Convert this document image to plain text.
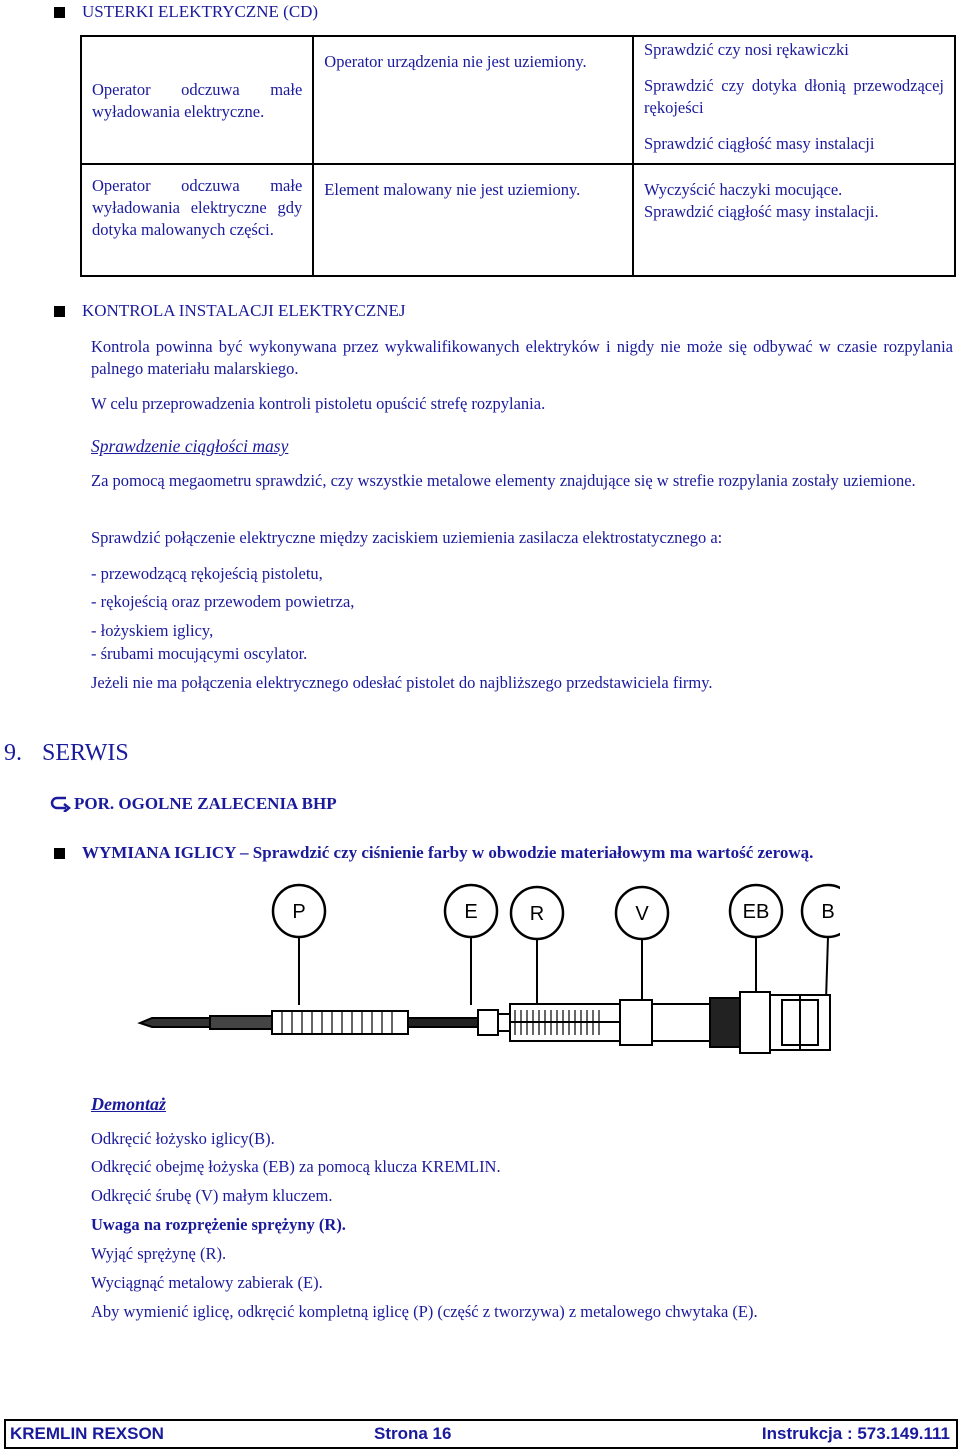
USTERKI ELEKTRYCZNE (CD)
Operator odczuwa małe wyładowania elektryczne.	Operator urządzenia nie jest uziemiony.	Sprawdzić czy nosi rękawiczki
Sprawdzić czy dotyka dłonią przewodzącej rękojeści
Sprawdzić ciągłość masy instalacji

Operator odczuwa małe wyładowania elektryczne gdy dotyka malowanych części.	Element malowany nie jest uziemiony.	Wyczyścić haczyki mocujące.
Sprawdzić ciągłość masy instalacji.
KONTROLA INSTALACJI ELEKTRYCZNEJ
Kontrola powinna być wykonywana przez wykwalifikowanych elektryków i nigdy nie może się odbywać w czasie rozpylania palnego materiału malarskiego.
W celu przeprowadzenia kontroli pistoletu opuścić strefę rozpylania.
Sprawdzenie ciągłości masy
Za pomocą megaometru sprawdzić, czy wszystkie metalowe elementy znajdujące się w strefie rozpylania zostały uziemione.
Sprawdzić połączenie elektryczne między zaciskiem uziemienia zasilacza elektrostatycznego a:
- przewodzącą rękojeścią pistoletu,
- rękojeścią oraz przewodem powietrza,
- łożyskiem iglicy,
- śrubami mocującymi oscylator.
Jeżeli nie ma połączenia elektrycznego odesłać pistolet do najbliższego przedstawiciela firmy.
9. SERWIS
POR. OGOLNE ZALECENIA BHP
WYMIANA IGLICY – Sprawdzić czy ciśnienie farby w obwodzie materiałowym ma wartość zerową.
P	E	R	V	EB	B
Demontaż
Odkręcić łożysko iglicy(B).
Odkręcić obejmę łożyska (EB) za pomocą klucza KREMLIN.
Odkręcić śrubę (V) małym kluczem.
Uwaga na rozprężenie sprężyny (R).
Wyjąć sprężynę (R).
Wyciągnąć metalowy zabierak (E).
Aby wymienić iglicę, odkręcić kompletną iglicę (P) (część z tworzywa) z metalowego chwytaka (E).
KREMLIN REXSON	Strona 16	Instrukcja : 573.149.111
